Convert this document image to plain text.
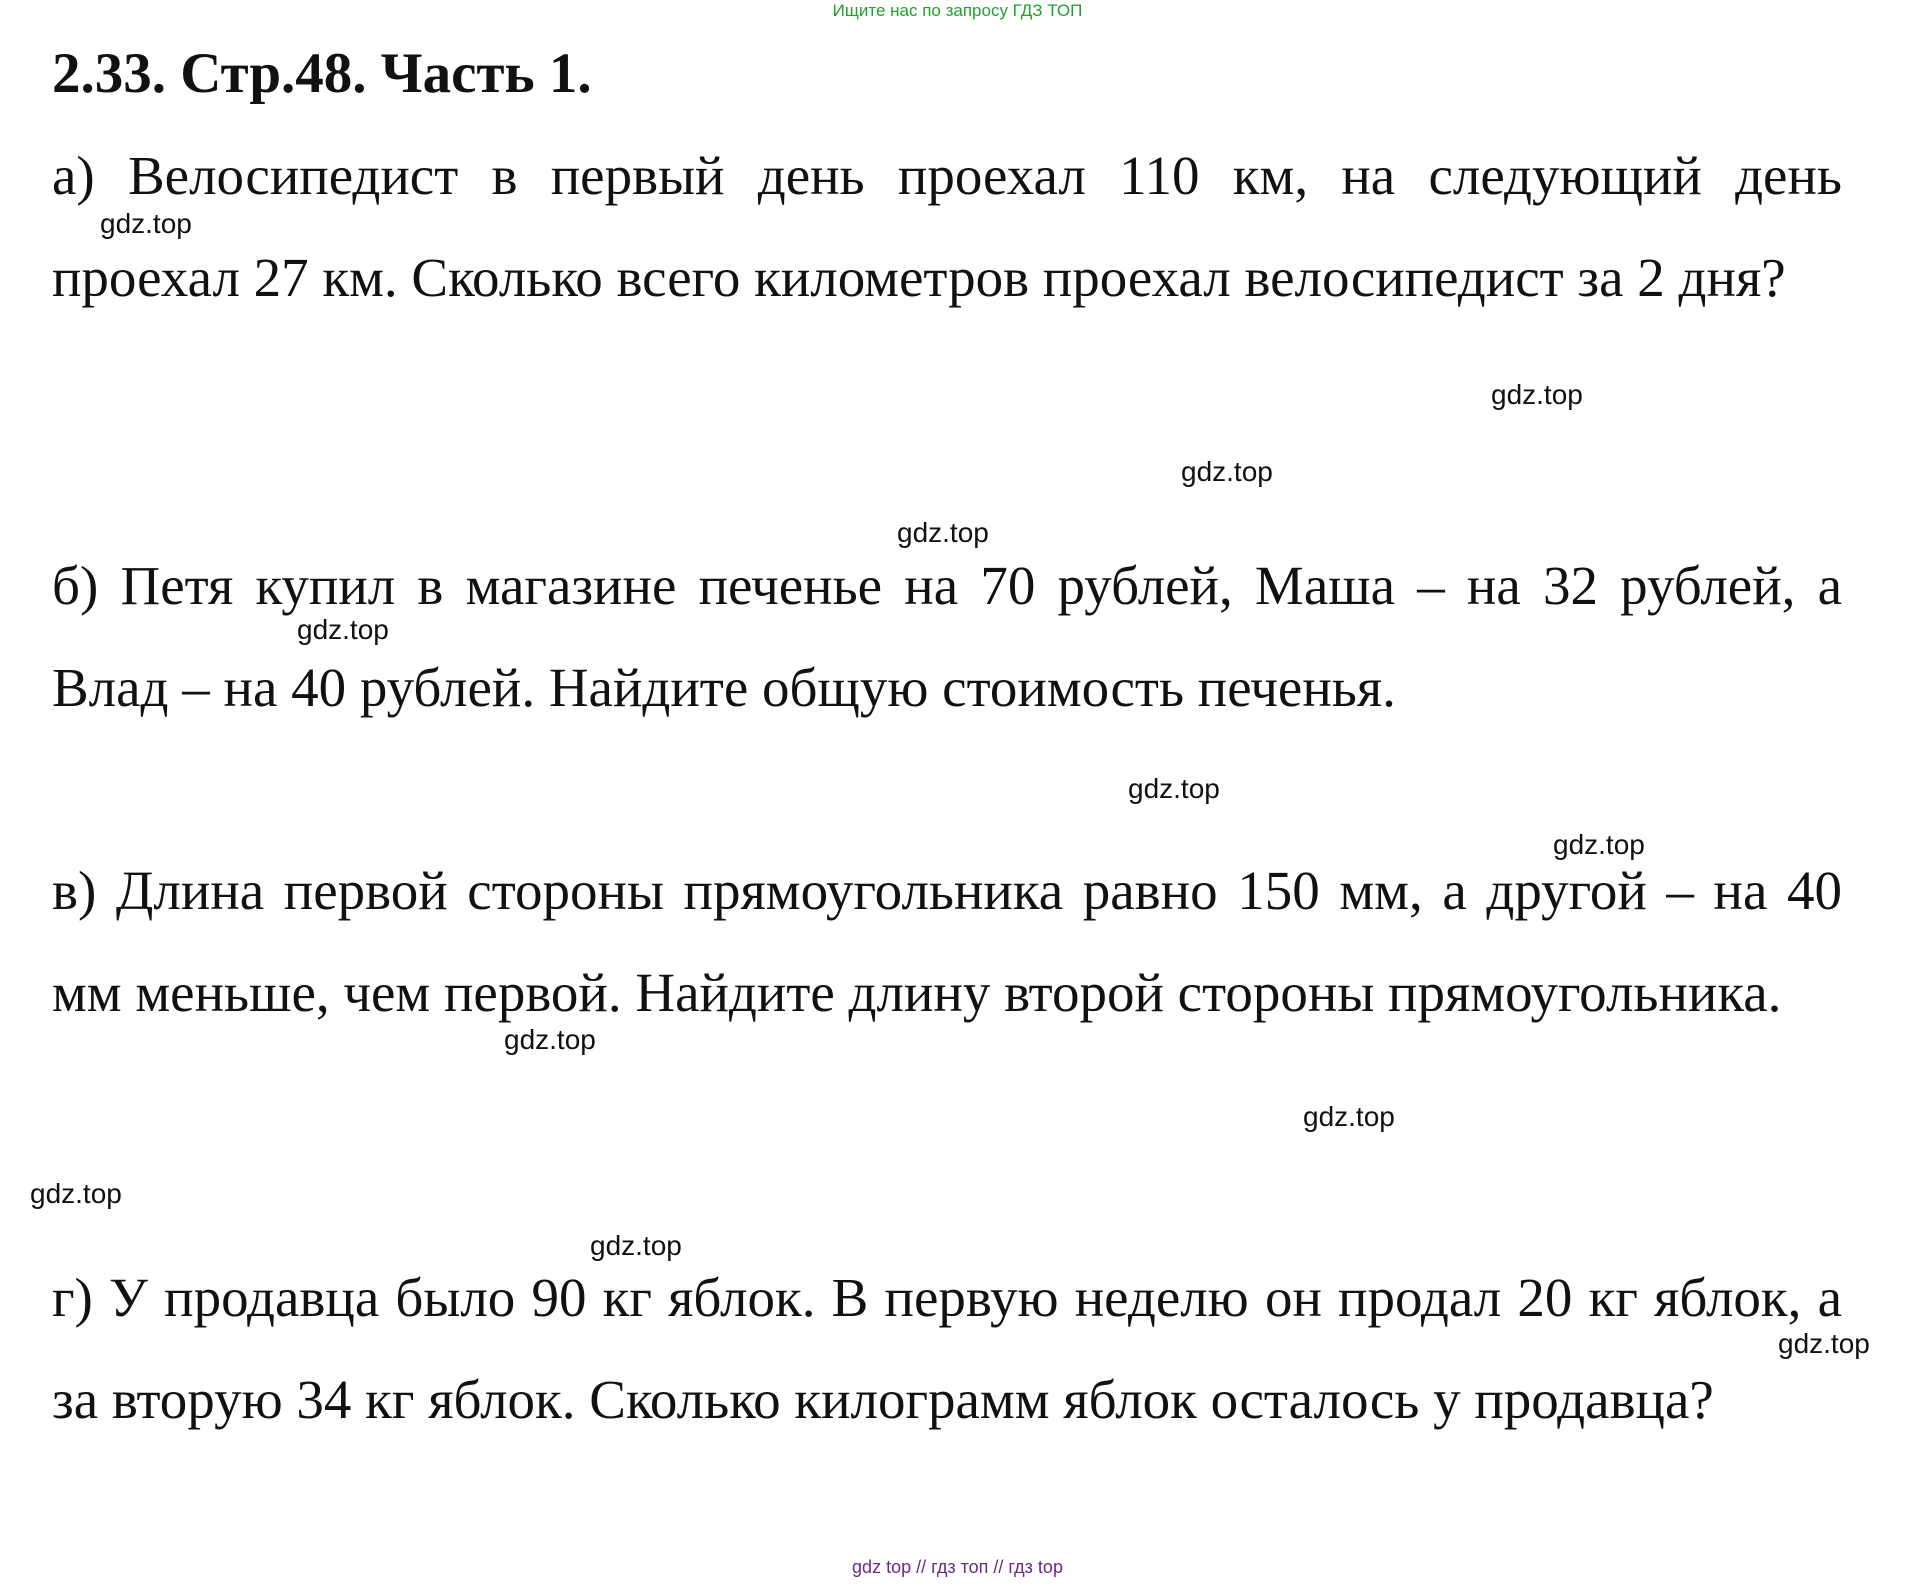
Ищите нас по запросу ГДЗ ТОП
2.33. Стр.48. Часть 1.

а) Велосипедист в первый день проехал 110 км, на следующий день проехал 27 км. Сколько всего километров проехал велосипедист за 2 дня?

б) Петя купил в магазине печенье на 70 рублей, Маша – на 32 рублей, а Влад – на 40 рублей. Найдите общую стоимость печенья.

в) Длина первой стороны прямоугольника равно 150 мм, а другой – на 40 мм меньше, чем первой. Найдите длину второй стороны прямоугольника.

г) У продавца было 90 кг яблок. В первую неделю он продал 20 кг яблок, а за вторую 34 кг яблок. Сколько килограмм яблок осталось у продавца?

gdz.top
gdz.top
gdz.top
gdz.top
gdz.top
gdz.top
gdz.top
gdz.top
gdz.top
gdz.top
gdz.top
gdz.top
gdz top // гдз топ // гдз top
